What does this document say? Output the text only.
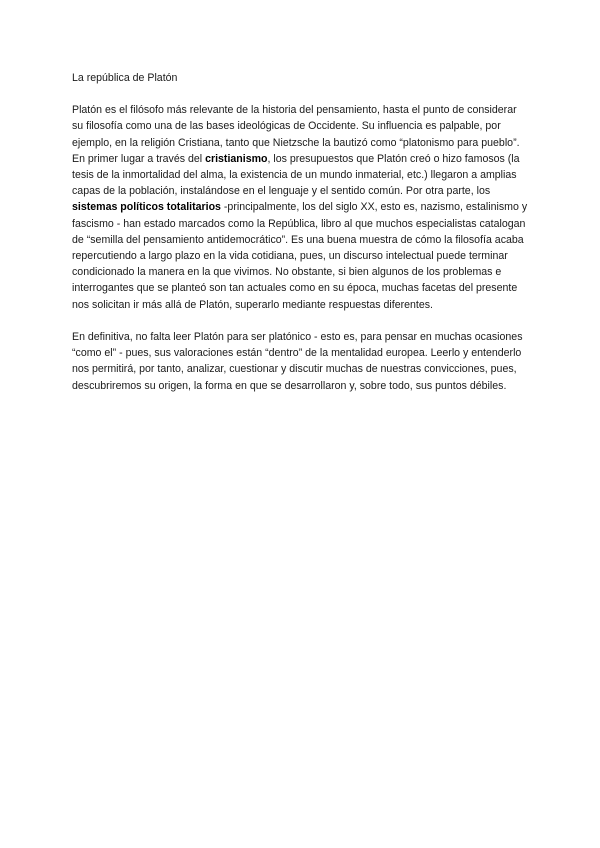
La república de Platón

Platón es el filósofo más relevante de la historia del pensamiento, hasta el punto de considerar su filosofía como una de las bases ideológicas de Occidente. Su influencia es palpable, por ejemplo, en la religión Cristiana, tanto que Nietzsche la bautizó como “platonismo para pueblo”. En primer lugar a través del cristianismo, los presupuestos que Platón creó o hizo famosos (la tesis de la inmortalidad del alma, la existencia de un mundo inmaterial, etc.) llegaron a amplias capas de la población, instalándose en el lenguaje y el sentido común. Por otra parte, los sistemas políticos totalitarios -principalmente, los del siglo XX, esto es, nazismo, estalinismo y fascismo - han estado marcados como la República, libro al que muchos especialistas catalogan de “semilla del pensamiento antidemocrático”. Es una buena muestra de cómo la filosofía acaba repercutiendo a largo plazo en la vida cotidiana, pues, un discurso intelectual puede terminar condicionado la manera en la que vivimos. No obstante, si bien algunos de los problemas e interrogantes que se planteó son tan actuales como en su época, muchas facetas del presente nos solicitan ir más allá de Platón, superarlo mediante respuestas diferentes.

En definitiva, no falta leer Platón para ser platónico - esto es, para pensar en muchas ocasiones “como el” - pues, sus valoraciones están “dentro” de la mentalidad europea. Leerlo y entenderlo nos permitirá, por tanto, analizar, cuestionar y discutir muchas de nuestras convicciones, pues, descubriremos su origen, la forma en que se desarrollaron y, sobre todo, sus puntos débiles.
